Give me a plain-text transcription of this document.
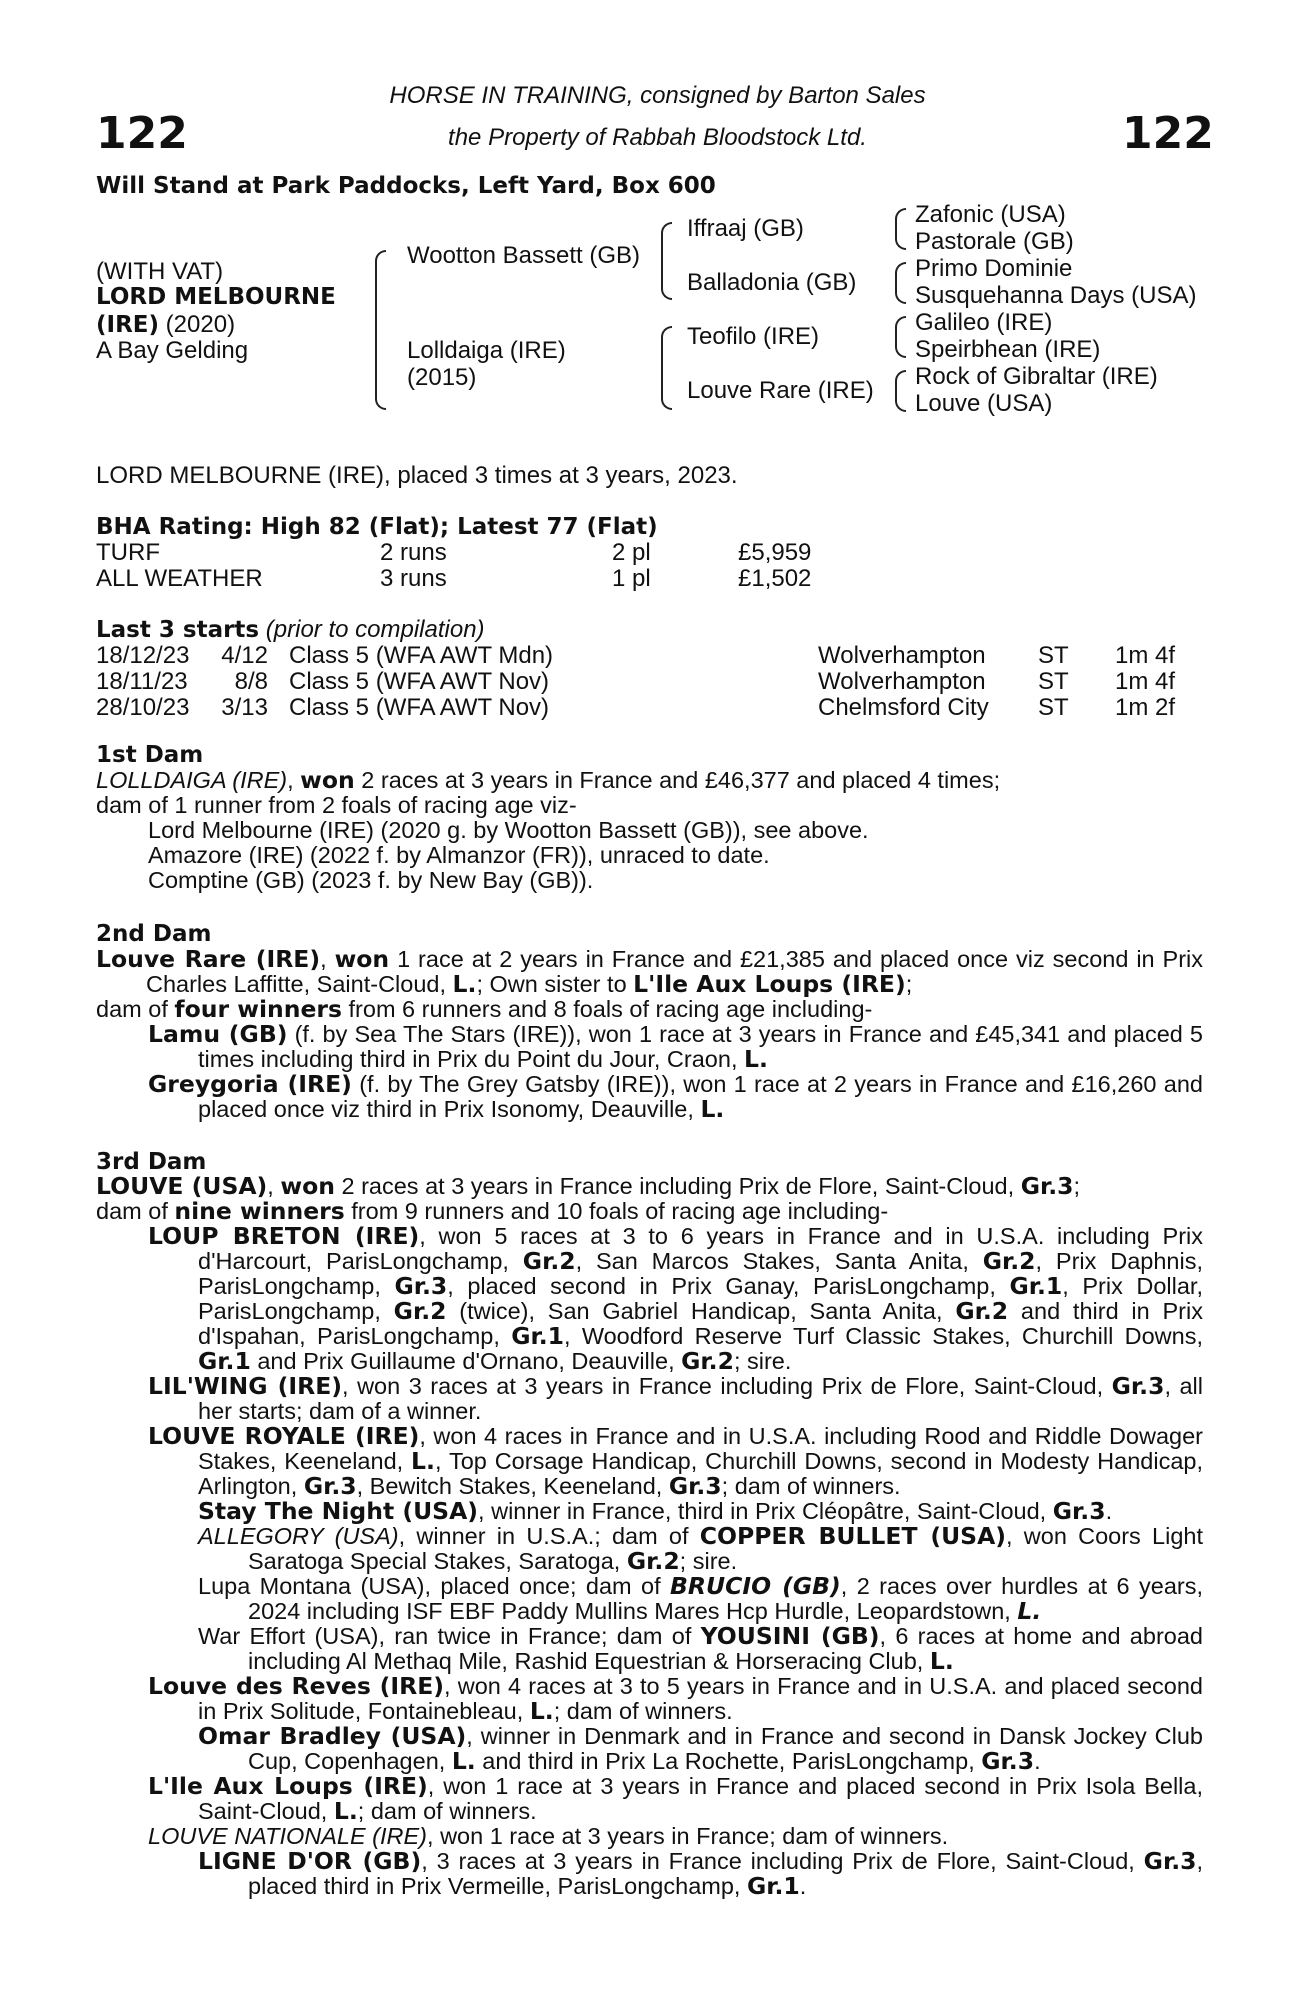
122	122
HORSE IN TRAINING, consigned by Barton Sales
the Property of Rabbah Bloodstock Ltd.
Will Stand at Park Paddocks, Left Yard, Box 600
(WITH VAT)
LORD MELBOURNE
(IRE) (2020)
A Bay Gelding
Wootton Bassett (GB)
Lolldaiga (IRE)
(2015)
Iffraaj (GB)
Balladonia (GB)
Teofilo (IRE)
Louve Rare (IRE)
Zafonic (USA)
Pastorale (GB)
Primo Dominie
Susquehanna Days (USA)
Galileo (IRE)
Speirbhean (IRE)
Rock of Gibraltar (IRE)
Louve (USA)
LORD MELBOURNE (IRE), placed 3 times at 3 years, 2023.
BHA Rating: High 82 (Flat); Latest 77 (Flat)
TURF	2 runs	2 pl	£5,959
ALL WEATHER	3 runs	1 pl	£1,502
Last 3 starts (prior to compilation)
18/12/23 4/12 Class 5 (WFA AWT Mdn)	Wolverhampton ST 1m 4f
18/11/23	8/8 Class 5 (WFA AWT Nov)	Wolverhampton ST 1m 4f
28/10/23 3/13 Class 5 (WFA AWT Nov)	Chelmsford City ST 1m 2f
1st Dam

LOLLDAIGA (IRE), won 2 races at 3 years in France and £46,377 and placed 4 times;

dam of 1 runner from 2 foals of racing age viz-

Lord Melbourne (IRE) (2020 g. by Wootton Bassett (GB)), see above.

Amazore (IRE) (2022 f. by Almanzor (FR)), unraced to date.

Comptine (GB) (2023 f. by New Bay (GB)).

2nd Dam

Louve Rare (IRE), won 1 race at 2 years in France and £21,385 and placed once viz second in Prix Charles Laffitte, Saint-Cloud, L.; Own sister to L'Ile Aux Loups (IRE);

dam of four winners from 6 runners and 8 foals of racing age including-

Lamu (GB) (f. by Sea The Stars (IRE)), won 1 race at 3 years in France and £45,341 and placed 5 times including third in Prix du Point du Jour, Craon, L.

Greygoria (IRE) (f. by The Grey Gatsby (IRE)), won 1 race at 2 years in France and £16,260 and placed once viz third in Prix Isonomy, Deauville, L.

3rd Dam

LOUVE (USA), won 2 races at 3 years in France including Prix de Flore, Saint-Cloud, Gr.3;

dam of nine winners from 9 runners and 10 foals of racing age including-

LOUP BRETON (IRE), won 5 races at 3 to 6 years in France and in U.S.A. including Prix d'Harcourt, ParisLongchamp, Gr.2, San Marcos Stakes, Santa Anita, Gr.2, Prix Daphnis, ParisLongchamp, Gr.3, placed second in Prix Ganay, ParisLongchamp, Gr.1, Prix Dollar, ParisLongchamp, Gr.2 (twice), San Gabriel Handicap, Santa Anita, Gr.2 and third in Prix d'Ispahan, ParisLongchamp, Gr.1, Woodford Reserve Turf Classic Stakes, Churchill Downs, Gr.1 and Prix Guillaume d'Ornano, Deauville, Gr.2; sire.

LIL'WING (IRE), won 3 races at 3 years in France including Prix de Flore, Saint-Cloud, Gr.3, all her starts; dam of a winner.

LOUVE ROYALE (IRE), won 4 races in France and in U.S.A. including Rood and Riddle Dowager Stakes, Keeneland, L., Top Corsage Handicap, Churchill Downs, second in Modesty Handicap, Arlington, Gr.3, Bewitch Stakes, Keeneland, Gr.3; dam of winners.

Stay The Night (USA), winner in France, third in Prix Cléopâtre, Saint-Cloud, Gr.3.

ALLEGORY (USA), winner in U.S.A.; dam of COPPER BULLET (USA), won Coors Light Saratoga Special Stakes, Saratoga, Gr.2; sire.

Lupa Montana (USA), placed once; dam of BRUCIO (GB), 2 races over hurdles at 6 years, 2024 including ISF EBF Paddy Mullins Mares Hcp Hurdle, Leopardstown, L.

War Effort (USA), ran twice in France; dam of YOUSINI (GB), 6 races at home and abroad including Al Methaq Mile, Rashid Equestrian & Horseracing Club, L.

Louve des Reves (IRE), won 4 races at 3 to 5 years in France and in U.S.A. and placed second in Prix Solitude, Fontainebleau, L.; dam of winners.

Omar Bradley (USA), winner in Denmark and in France and second in Dansk Jockey Club Cup, Copenhagen, L. and third in Prix La Rochette, ParisLongchamp, Gr.3.

L'Ile Aux Loups (IRE), won 1 race at 3 years in France and placed second in Prix Isola Bella, Saint-Cloud, L.; dam of winners.

LOUVE NATIONALE (IRE), won 1 race at 3 years in France; dam of winners.

LIGNE D'OR (GB), 3 races at 3 years in France including Prix de Flore, Saint-Cloud, Gr.3, placed third in Prix Vermeille, ParisLongchamp, Gr.1.
